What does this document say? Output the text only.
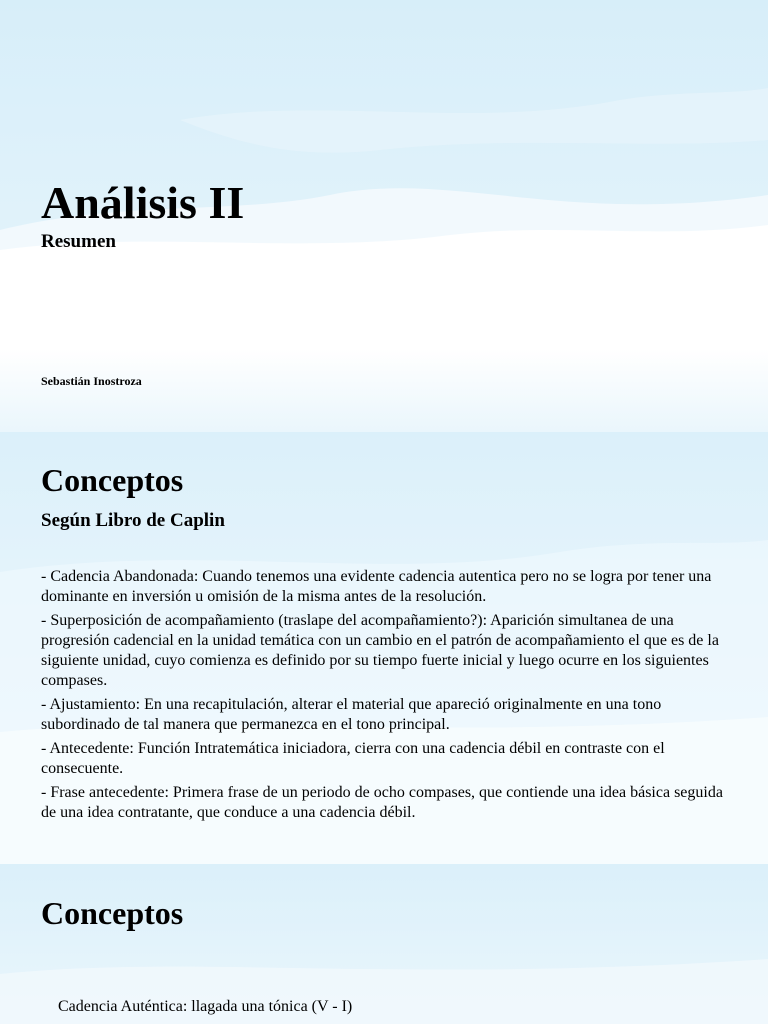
Análisis II
Resumen
Sebastián Inostroza
Conceptos
Según Libro de Caplin

- Cadencia Abandonada: Cuando tenemos una evidente cadencia autentica pero no se logra por tener una dominante en inversión u omisión de la misma antes de la resolución.

- Superposición de acompañamiento (traslape del acompañamiento?): Aparición simultanea de una progresión cadencial en la unidad temática con un cambio en el patrón de acompañamiento el que es de la siguiente unidad, cuyo comienza es definido por su tiempo fuerte inicial y luego ocurre en los siguientes compases.

- Ajustamiento: En una recapitulación, alterar el material que apareció originalmente en una tono subordinado de tal manera que permanezca en el tono principal.

- Antecedente: Función Intratemática iniciadora, cierra con una cadencia débil en contraste con el consecuente.

- Frase antecedente: Primera frase de un periodo de ocho compases, que contiende una idea básica seguida de una idea contratante, que conduce a una cadencia débil.

Conceptos
Cadencia Auténtica: llagada una tónica (V - I)
